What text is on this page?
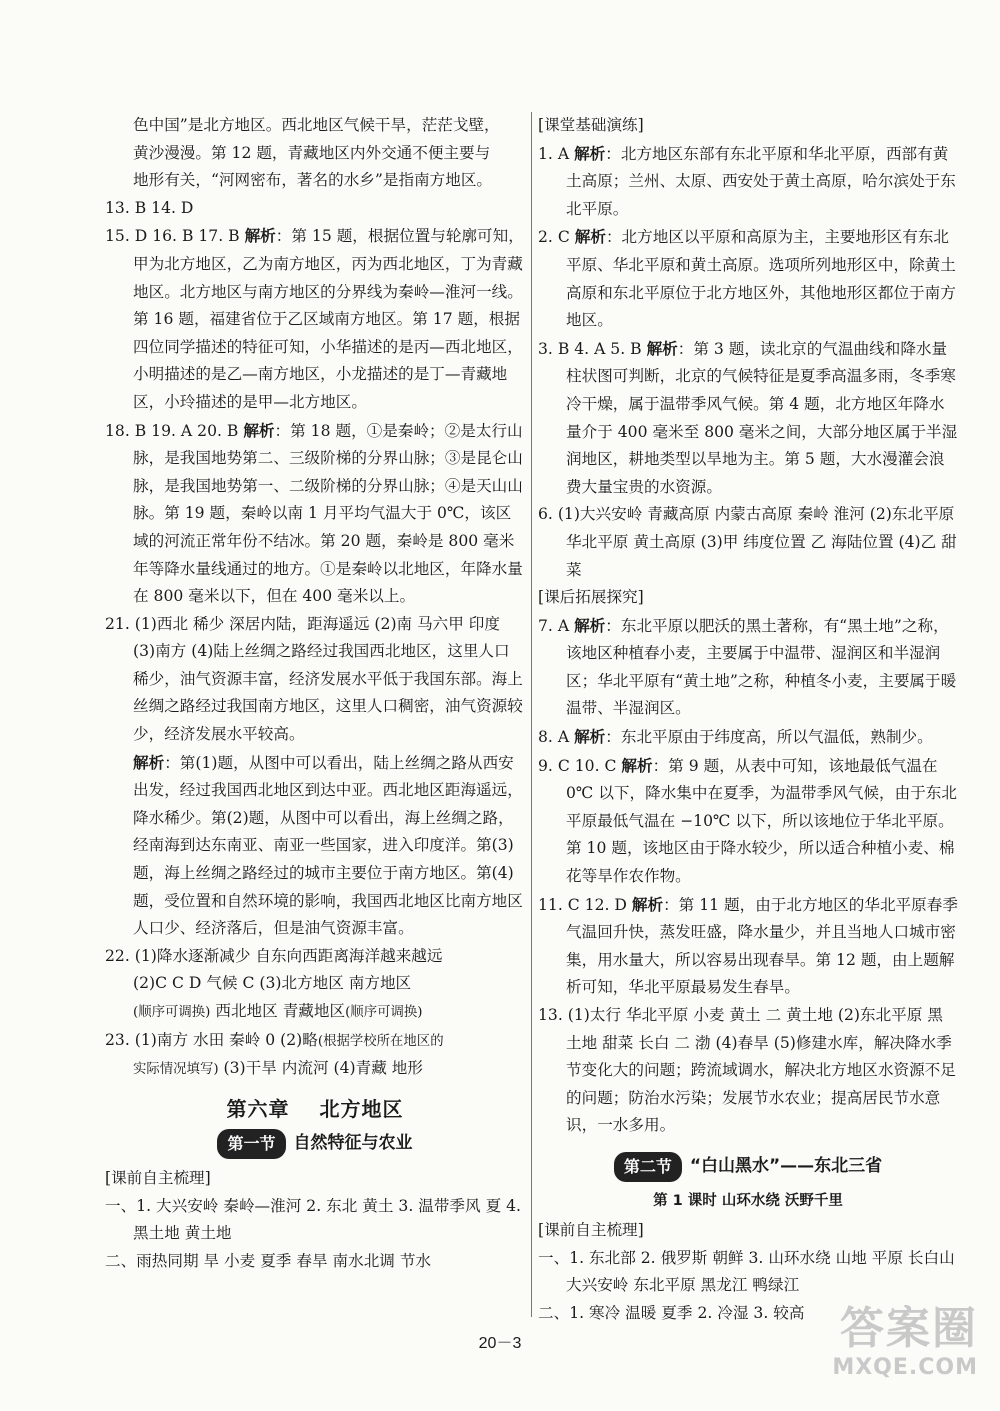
色中国”是北方地区。西北地区气候干旱，茫茫戈壁，

黄沙漫漫。第 12 题，青藏地区内外交通不便主要与

地形有关，“河网密布，著名的水乡”是指南方地区。

13. B 14. D

15. D 16. B 17. B 解析：第 15 题，根据位置与轮廓可知，甲为北方地区，乙为南方地区，丙为西北地区，丁为青藏地区。北方地区与南方地区的分界线为秦岭—淮河一线。第 16 题，福建省位于乙区域南方地区。第 17 题，根据四位同学描述的特征可知，小华描述的是丙—西北地区，小明描述的是乙—南方地区，小龙描述的是丁—青藏地区，小玲描述的是甲—北方地区。

18. B 19. A 20. B 解析：第 18 题，①是秦岭；②是太行山脉，是我国地势第二、三级阶梯的分界山脉；③是昆仑山脉，是我国地势第一、二级阶梯的分界山脉；④是天山山脉。第 19 题，秦岭以南 1 月平均气温大于 0℃，该区域的河流正常年份不结冰。第 20 题，秦岭是 800 毫米年等降水量线通过的地方。①是秦岭以北地区，年降水量在 800 毫米以下，但在 400 毫米以上。

21. (1)西北 稀少 深居内陆，距海遥远 (2)南 马六甲 印度 (3)南方 (4)陆上丝绸之路经过我国西北地区，这里人口稀少，油气资源丰富，经济发展水平低于我国东部。海上丝绸之路经过我国南方地区，这里人口稠密，油气资源较少，经济发展水平较高。

解析：第(1)题，从图中可以看出，陆上丝绸之路从西安出发，经过我国西北地区到达中亚。西北地区距海遥远，降水稀少。第(2)题，从图中可以看出，海上丝绸之路，经南海到达东南亚、南亚一些国家，进入印度洋。第(3)题，海上丝绸之路经过的城市主要位于南方地区。第(4)题，受位置和自然环境的影响，我国西北地区比南方地区人口少、经济落后，但是油气资源丰富。

22. (1)降水逐渐减少 自东向西距离海洋越来越远

(2)C C D 气候 C (3)北方地区 南方地区

(顺序可调换) 西北地区 青藏地区(顺序可调换)

23. (1)南方 水田 秦岭 0 (2)略(根据学校所在地区的

实际情况填写) (3)干旱 内流河 (4)青藏 地形

第六章 北方地区
第一节	自然特征与农业

[课前自主梳理]

一、1. 大兴安岭 秦岭—淮河 2. 东北 黄土 3. 温带季风 夏 4. 黑土地 黄土地

二、雨热同期 旱 小麦 夏季 春旱 南水北调 节水

[课堂基础演练]

1. A 解析：北方地区东部有东北平原和华北平原，西部有黄土高原；兰州、太原、西安处于黄土高原，哈尔滨处于东北平原。

2. C 解析：北方地区以平原和高原为主，主要地形区有东北平原、华北平原和黄土高原。选项所列地形区中，除黄土高原和东北平原位于北方地区外，其他地形区都位于南方地区。

3. B 4. A 5. B 解析：第 3 题，读北京的气温曲线和降水量柱状图可判断，北京的气候特征是夏季高温多雨，冬季寒冷干燥，属于温带季风气候。第 4 题，北方地区年降水量介于 400 毫米至 800 毫米之间，大部分地区属于半湿润地区，耕地类型以旱地为主。第 5 题，大水漫灌会浪费大量宝贵的水资源。

6. (1)大兴安岭 青藏高原 内蒙古高原 秦岭 淮河 (2)东北平原 华北平原 黄土高原 (3)甲 纬度位置 乙 海陆位置 (4)乙 甜菜

[课后拓展探究]

7. A 解析：东北平原以肥沃的黑土著称，有“黑土地”之称，该地区种植春小麦，主要属于中温带、湿润区和半湿润区；华北平原有“黄土地”之称，种植冬小麦，主要属于暖温带、半湿润区。

8. A 解析：东北平原由于纬度高，所以气温低，熟制少。

9. C 10. C 解析：第 9 题，从表中可知，该地最低气温在 0℃ 以下，降水集中在夏季，为温带季风气候，由于东北平原最低气温在 −10℃ 以下，所以该地位于华北平原。第 10 题，该地区由于降水较少，所以适合种植小麦、棉花等旱作农作物。

11. C 12. D 解析：第 11 题，由于北方地区的华北平原春季气温回升快，蒸发旺盛，降水量少，并且当地人口城市密集，用水量大，所以容易出现春旱。第 12 题，由上题解析可知，华北平原最易发生春旱。

13. (1)太行 华北平原 小麦 黄土 二 黄土地 (2)东北平原 黑土地 甜菜 长白 二 渤 (4)春旱 (5)修建水库，解决降水季节变化大的问题；跨流域调水，解决北方地区水资源不足的问题；防治水污染；发展节水农业；提高居民节水意识，一水多用。

第二节	“白山黑水”——东北三省
第 1 课时 山环水绕 沃野千里

[课前自主梳理]

一、1. 东北部 2. 俄罗斯 朝鲜 3. 山环水绕 山地 平原 长白山 大兴安岭 东北平原 黑龙江 鸭绿江

二、1. 寒冷 温暖 夏季 2. 冷湿 3. 较高

20－3	答案圈
MXQE.COM
